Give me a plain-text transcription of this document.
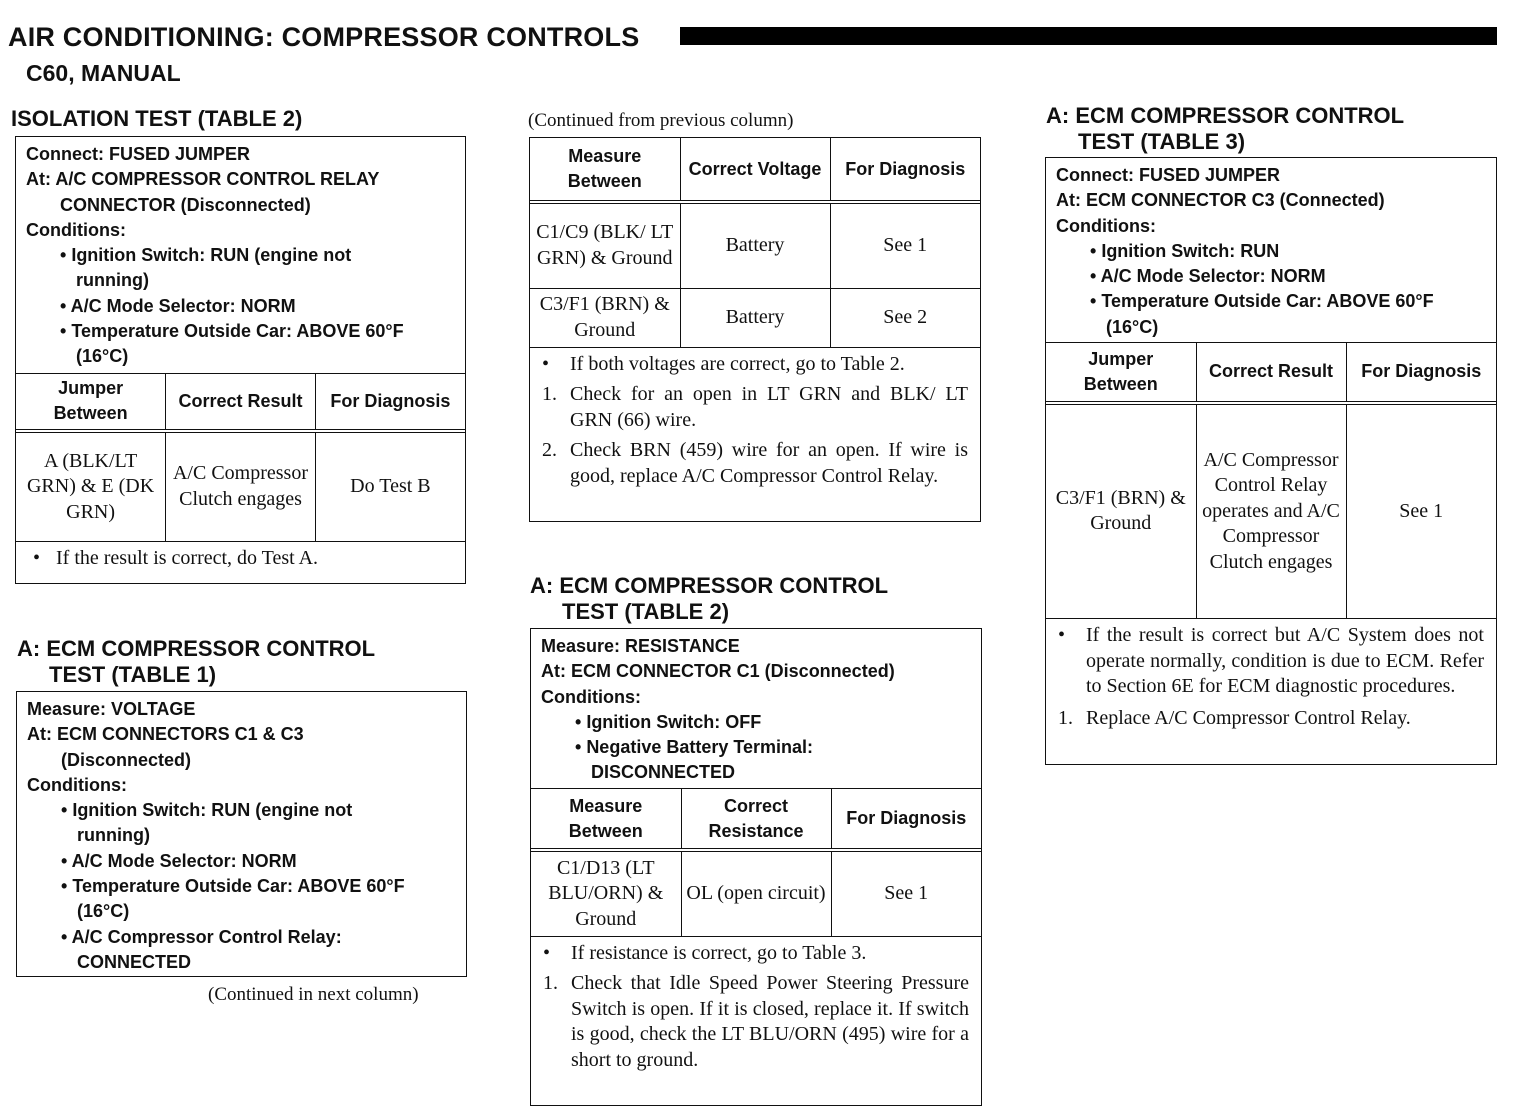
AIR CONDITIONING: COMPRESSOR CONTROLS
C60, MANUAL
ISOLATION TEST (TABLE 2)
Connect: FUSED JUMPER
At: A/C COMPRESSOR CONTROL RELAY
CONNECTOR (Disconnected)
Conditions:
• Ignition Switch: RUN (engine not
running)
• A/C Mode Selector: NORM
• Temperature Outside Car: ABOVE 60°F
(16°C)
Jumper Between	Correct Result	For Diagnosis
A (BLK/LT GRN) & E (DK GRN)	A/C Compressor Clutch engages	Do Test B
• If the result is correct, do Test A.
A: ECM COMPRESSOR CONTROL
TEST (TABLE 1)
Measure: VOLTAGE
At: ECM CONNECTORS C1 & C3
(Disconnected)
Conditions:
• Ignition Switch: RUN (engine not
running)
• A/C Mode Selector: NORM
• Temperature Outside Car: ABOVE 60°F
(16°C)
• A/C Compressor Control Relay:
CONNECTED
(Continued in next column)
(Continued from previous column)
Measure Between	Correct Voltage	For Diagnosis
C1/C9 (BLK/ LT GRN) & Ground	Battery	See 1
C3/F1 (BRN) & Ground	Battery	See 2
•	If both voltages are correct, go to Table 2.
1. Check for an open in LT GRN and BLK/ LT GRN (66) wire.
2. Check BRN (459) wire for an open. If wire is good, replace A/C Compressor Control Relay.
A: ECM COMPRESSOR CONTROL
TEST (TABLE 2)
Measure: RESISTANCE
At: ECM CONNECTOR C1 (Disconnected)
Conditions:
• Ignition Switch: OFF
• Negative Battery Terminal:
DISCONNECTED
Measure Between	Correct Resistance	For Diagnosis
C1/D13 (LT BLU/ORN) & Ground	OL (open circuit)	See 1
•	If resistance is correct, go to Table 3.
1. Check that Idle Speed Power Steering Pressure Switch is open. If it is closed, replace it. If switch is good, check the LT BLU/ORN (495) wire for a short to ground.
A: ECM COMPRESSOR CONTROL
TEST (TABLE 3)
Connect: FUSED JUMPER
At: ECM CONNECTOR C3 (Connected)
Conditions:
• Ignition Switch: RUN
• A/C Mode Selector: NORM
• Temperature Outside Car: ABOVE 60°F
(16°C)
Jumper Between	Correct Result	For Diagnosis
C3/F1 (BRN) & Ground	A/C Compressor Control Relay operates and A/C Compressor Clutch engages	See 1
•	If the result is correct but A/C System does not operate normally, condition is due to ECM. Refer to Section 6E for ECM diagnostic procedures.
1. Replace A/C Compressor Control Relay.
